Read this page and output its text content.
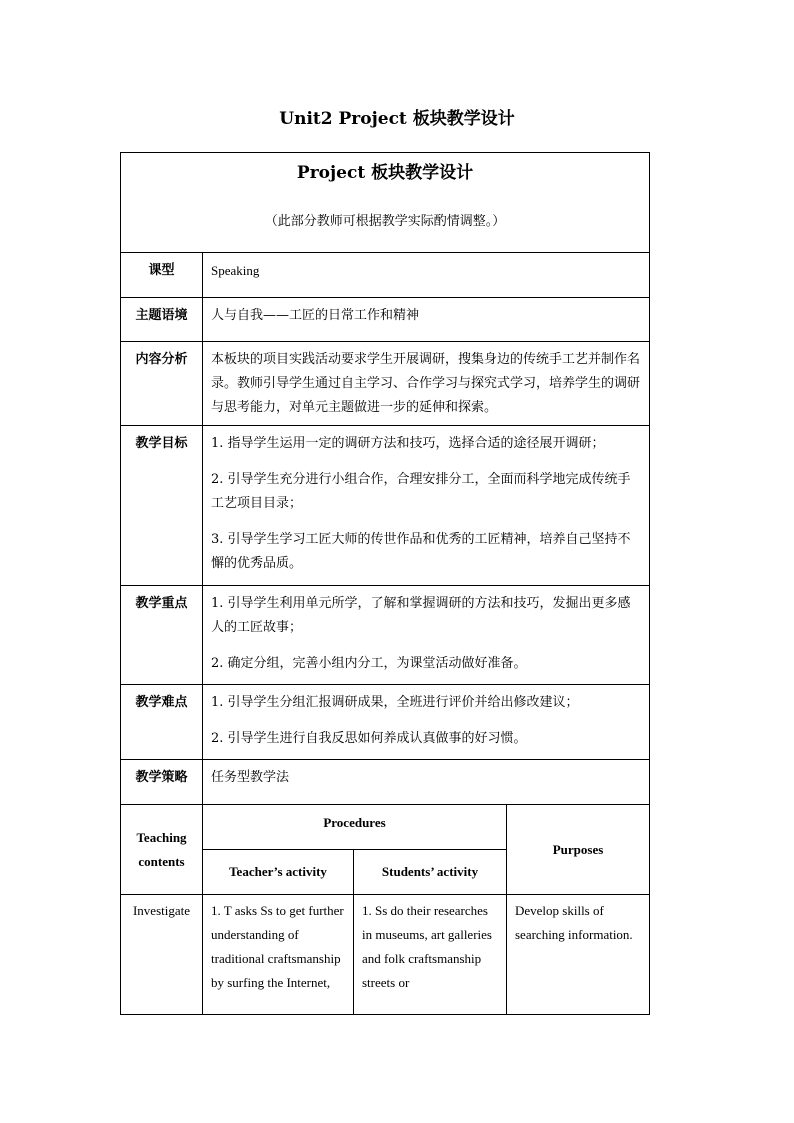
Unit2 Project 板块教学设计
Project 板块教学设计
（此部分教师可根据教学实际酌情调整。）			

课型	Speaking		
主题语境	人与自我——工匠的日常工作和精神		
内容分析	本板块的项目实践活动要求学生开展调研，搜集身边的传统手工艺并制作名录。教师引导学生通过自主学习、合作学习与探究式学习，培养学生的调研与思考能力，对单元主题做进一步的延伸和探索。		
教学目标	1. 指导学生运用一定的调研方法和技巧，选择合适的途径展开调研；
2. 引导学生充分进行小组合作，合理安排分工，全面而科学地完成传统手工艺项目目录；
3. 引导学生学习工匠大师的传世作品和优秀的工匠精神，培养自己坚持不懈的优秀品质。		

教学重点	1. 引导学生利用单元所学，了解和掌握调研的方法和技巧，发掘出更多感人的工匠故事；
2. 确定分组，完善小组内分工，为课堂活动做好准备。		

教学难点	1. 引导学生分组汇报调研成果，全班进行评价并给出修改建议；
2. 引导学生进行自我反思如何养成认真做事的好习惯。		

教学策略	任务型教学法		
Teaching contents	Procedures		Purposes
	Teacher’s activity	Students’ activity	
Investigate	1. T asks Ss to get further understanding of traditional craftsmanship by surfing the Internet,	1. Ss do their researches in museums, art galleries and folk craftsmanship streets or	Develop skills of searching information.
